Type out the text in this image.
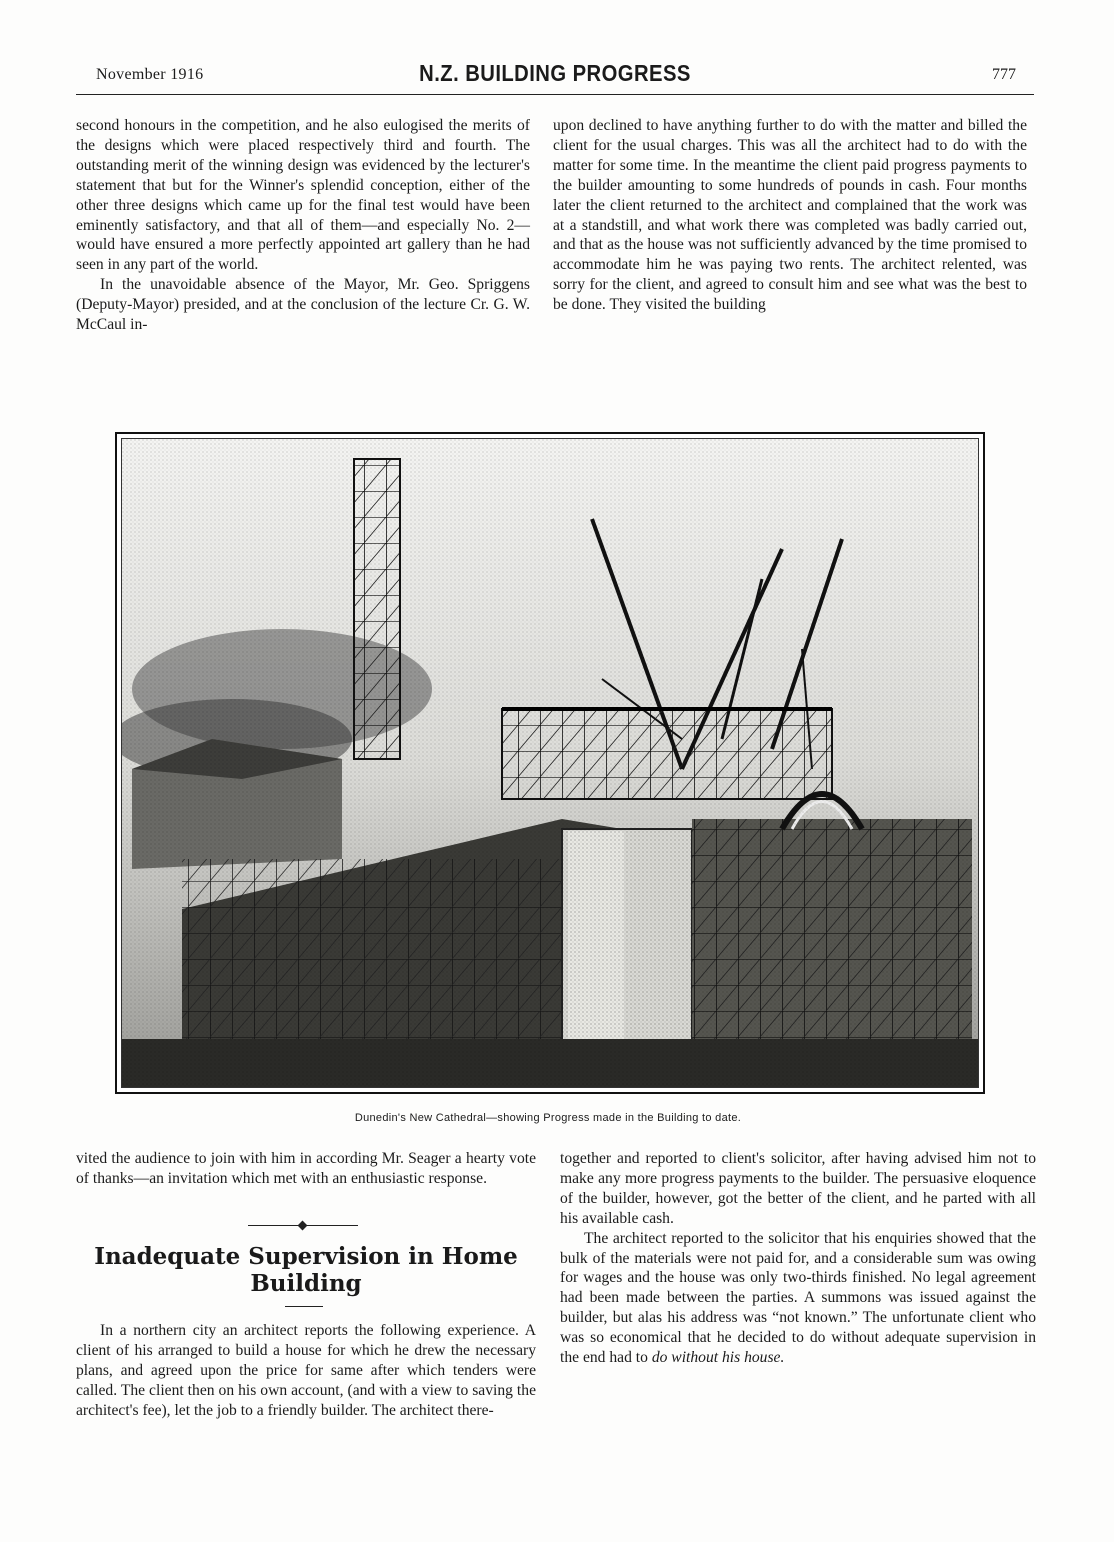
November 1916	N.Z. BUILDING PROGRESS	777

second honours in the competition, and he also eulogised the merits of the designs which were placed respectively third and fourth. The outstanding merit of the winning design was evidenced by the lecturer's statement that but for the Winner's splendid conception, either of the other three designs which came up for the final test would have been eminently satisfactory, and that all of them—and especially No. 2—would have ensured a more perfectly appointed art gallery than he had seen in any part of the world.

In the unavoidable absence of the Mayor, Mr. Geo. Spriggens (Deputy-Mayor) presided, and at the conclusion of the lecture Cr. G. W. McCaul in-

upon declined to have anything further to do with the matter and billed the client for the usual charges. This was all the architect had to do with the matter for some time. In the meantime the client paid progress payments to the builder amounting to some hundreds of pounds in cash. Four months later the client returned to the architect and complained that the work was at a standstill, and what work there was completed was badly carried out, and that as the house was not sufficiently advanced by the time promised to accommodate him he was paying two rents. The architect relented, was sorry for the client, and agreed to consult him and see what was the best to be done. They visited the building

Dunedin's New Cathedral—showing Progress made in the Building to date.

vited the audience to join with him in according Mr. Seager a hearty vote of thanks—an invitation which met with an enthusiastic response.

Inadequate Supervision in Home Building

In a northern city an architect reports the following experience. A client of his arranged to build a house for which he drew the necessary plans, and agreed upon the price for same after which tenders were called. The client then on his own account, (and with a view to saving the architect's fee), let the job to a friendly builder. The architect there-

together and reported to client's solicitor, after having advised him not to make any more progress payments to the builder. The persuasive eloquence of the builder, however, got the better of the client, and he parted with all his available cash.

The architect reported to the solicitor that his enquiries showed that the bulk of the materials were not paid for, and a considerable sum was owing for wages and the house was only two-thirds finished. No legal agreement had been made between the parties. A summons was issued against the builder, but alas his address was “not known.” The unfortunate client who was so economical that he decided to do without adequate supervision in the end had to do without his house.
